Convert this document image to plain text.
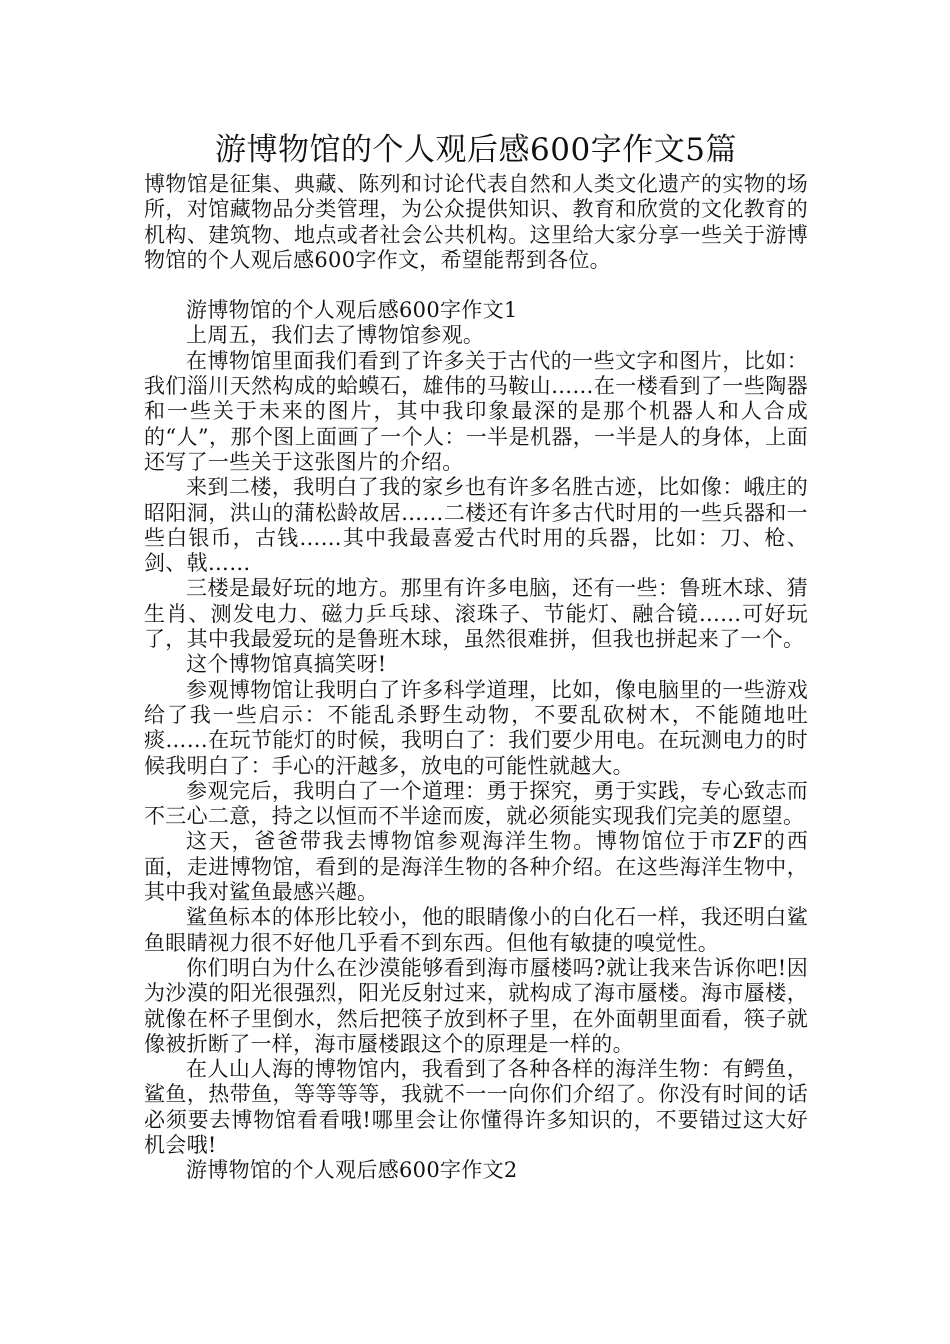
游博物馆的个人观后感600字作文5篇

博物馆是征集、典藏、陈列和讨论代表自然和人类文化遗产的实物的场所，对馆藏物品分类管理，为公众提供知识、教育和欣赏的文化教育的机构、建筑物、地点或者社会公共机构。这里给大家分享一些关于游博物馆的个人观后感600字作文，希望能帮到各位。

游博物馆的个人观后感600字作文1

上周五，我们去了博物馆参观。

在博物馆里面我们看到了许多关于古代的一些文字和图片，比如：我们淄川天然构成的蛤蟆石，雄伟的马鞍山……在一楼看到了一些陶器和一些关于未来的图片，其中我印象最深的是那个机器人和人合成的“人”，那个图上面画了一个人：一半是机器，一半是人的身体，上面还写了一些关于这张图片的介绍。

来到二楼，我明白了我的家乡也有许多名胜古迹，比如像：峨庄的昭阳洞，洪山的蒲松龄故居……二楼还有许多古代时用的一些兵器和一些白银币，古钱……其中我最喜爱古代时用的兵器，比如：刀、枪、剑、戟……

三楼是最好玩的地方。那里有许多电脑，还有一些：鲁班木球、猜生肖、测发电力、磁力乒乓球、滚珠子、节能灯、融合镜……可好玩了，其中我最爱玩的是鲁班木球，虽然很难拼，但我也拼起来了一个。

这个博物馆真搞笑呀!

参观博物馆让我明白了许多科学道理，比如，像电脑里的一些游戏给了我一些启示：不能乱杀野生动物，不要乱砍树木，不能随地吐痰……在玩节能灯的时候，我明白了：我们要少用电。在玩测电力的时候我明白了：手心的汗越多，放电的可能性就越大。

参观完后，我明白了一个道理：勇于探究，勇于实践，专心致志而不三心二意，持之以恒而不半途而废，就必须能实现我们完美的愿望。

这天，爸爸带我去博物馆参观海洋生物。博物馆位于市ZF的西面，走进博物馆，看到的是海洋生物的各种介绍。在这些海洋生物中，其中我对鲨鱼最感兴趣。

鲨鱼标本的体形比较小，他的眼睛像小的白化石一样，我还明白鲨鱼眼睛视力很不好他几乎看不到东西。但他有敏捷的嗅觉性。

你们明白为什么在沙漠能够看到海市蜃楼吗?就让我来告诉你吧!因为沙漠的阳光很强烈，阳光反射过来，就构成了海市蜃楼。海市蜃楼，就像在杯子里倒水，然后把筷子放到杯子里，在外面朝里面看，筷子就像被折断了一样，海市蜃楼跟这个的原理是一样的。

在人山人海的博物馆内，我看到了各种各样的海洋生物：有鳄鱼，鲨鱼，热带鱼，等等等等，我就不一一向你们介绍了。你没有时间的话必须要去博物馆看看哦!哪里会让你懂得许多知识的，不要错过这大好机会哦!

游博物馆的个人观后感600字作文2
